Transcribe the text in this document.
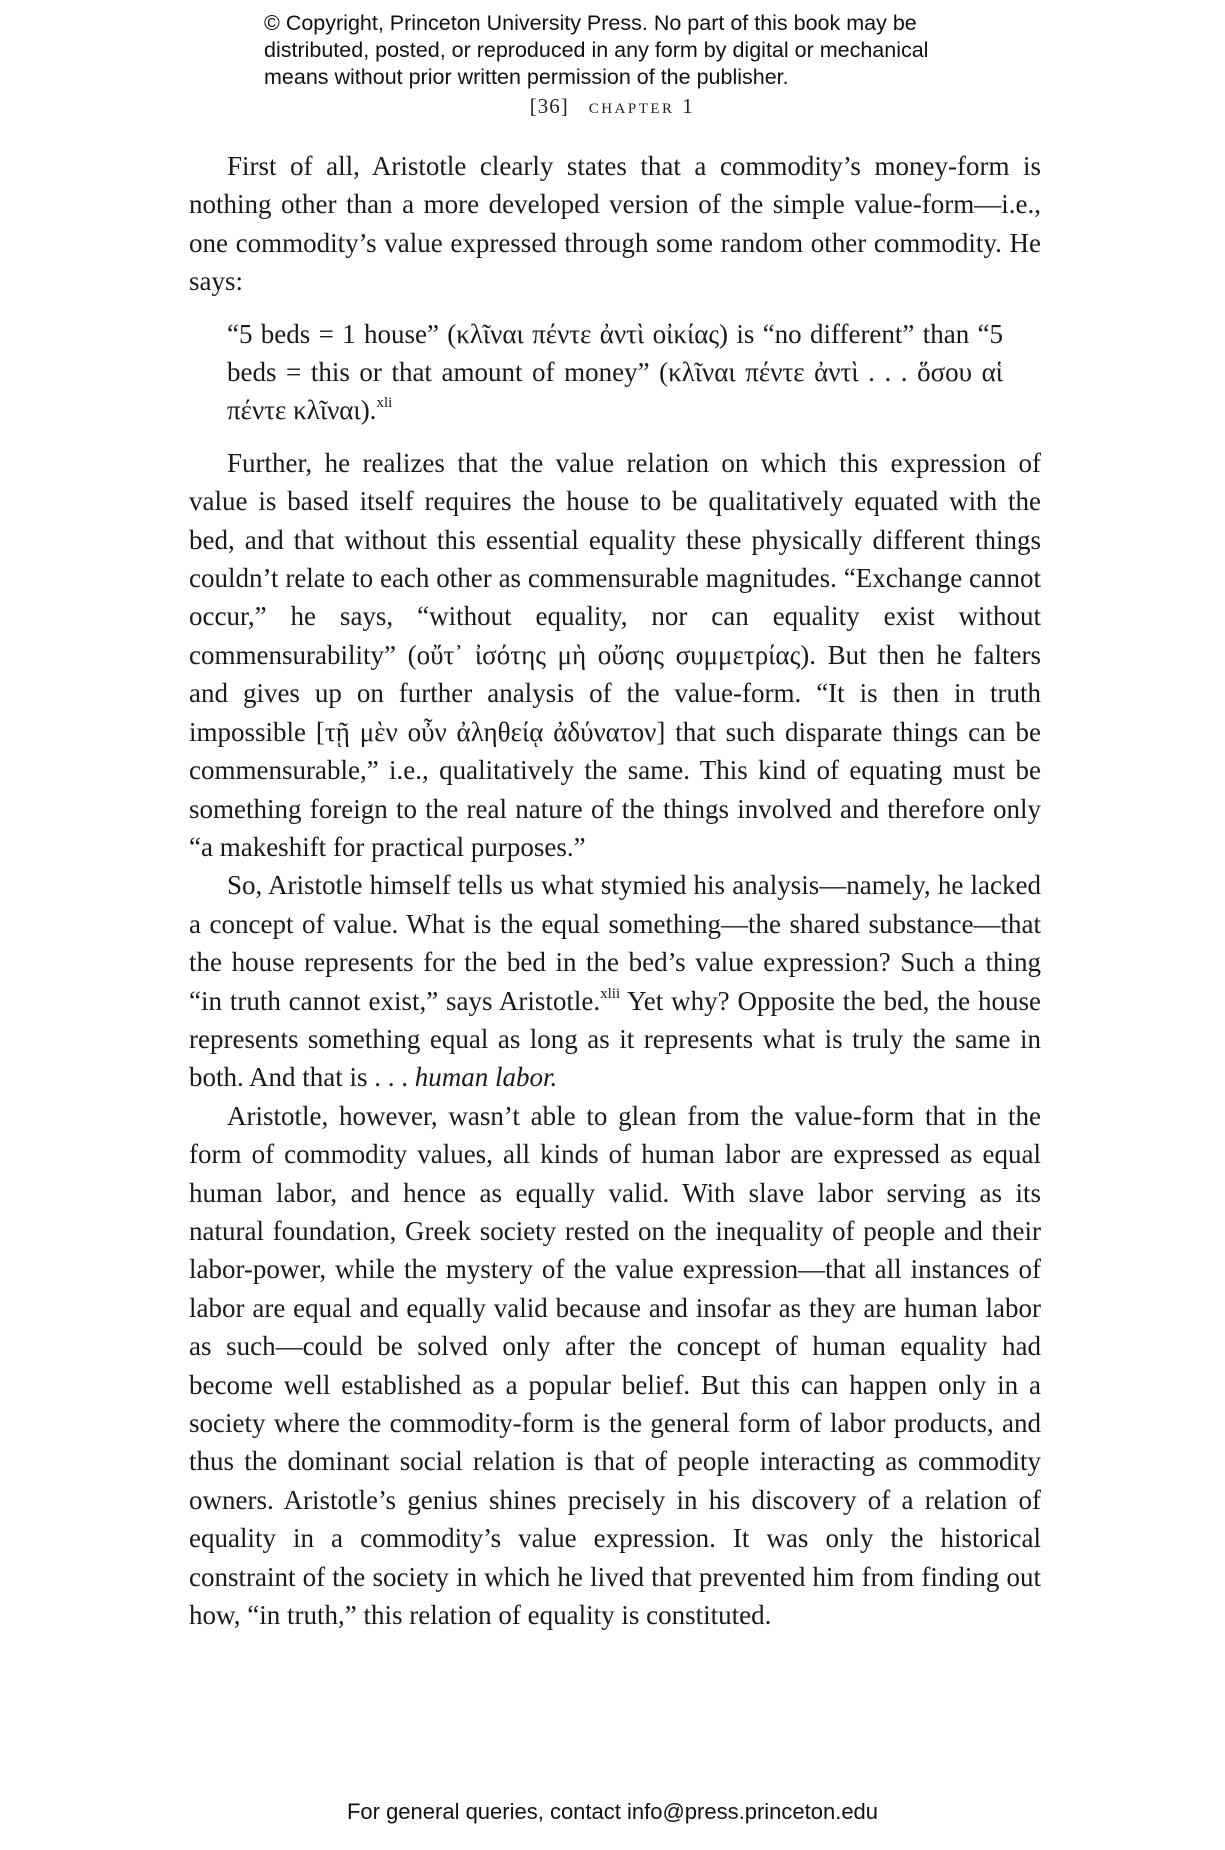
© Copyright, Princeton University Press. No part of this book may be
distributed, posted, or reproduced in any form by digital or mechanical
means without prior written permission of the publisher.
[36] chapter 1

First of all, Aristotle clearly states that a commodity’s money-form is nothing other than a more developed version of the simple value-form—i.e., one commodity’s value expressed through some random other commodity. He says:

“5 beds = 1 house” (κλῖναι πέντε ἀντὶ οἰκίας) is “no different” than “5 beds = this or that amount of money” (κλῖναι πέντε ἀντὶ . . . ὅσου αἱ πέντε κλῖναι).$^{xli}$

Further, he realizes that the value relation on which this expression of value is based itself requires the house to be qualitatively equated with the bed, and that without this essential equality these physically different things couldn’t relate to each other as commensurable magnitudes. “Exchange cannot occur,” he says, “without equality, nor can equality exist without commensurability” (οὔτ᾽ ἰσότης μὴ οὔσης συμμετρίας). But then he falters and gives up on further analysis of the value-form. “It is then in truth impossible [τῇ μὲν οὖν ἀληθείᾳ ἀδύνατον] that such disparate things can be commensurable,” i.e., qualitatively the same. This kind of equating must be something foreign to the real nature of the things involved and therefore only “a makeshift for practical purposes.”

So, Aristotle himself tells us what stymied his analysis—namely, he lacked a concept of value. What is the equal something—the shared substance—that the house represents for the bed in the bed’s value expression? Such a thing “in truth cannot exist,” says Aristotle.$^{xlii}$ Yet why? Opposite the bed, the house represents something equal as long as it represents what is truly the same in both. And that is . . . human labor.

Aristotle, however, wasn’t able to glean from the value-form that in the form of commodity values, all kinds of human labor are expressed as equal human labor, and hence as equally valid. With slave labor serving as its natural foundation, Greek society rested on the inequality of people and their labor-power, while the mystery of the value expression—that all instances of labor are equal and equally valid because and insofar as they are human labor as such—could be solved only after the concept of human equality had become well established as a popular belief. But this can happen only in a society where the commodity-form is the general form of labor products, and thus the dominant social relation is that of people interacting as commodity owners. Aristotle’s genius shines precisely in his discovery of a relation of equality in a commodity’s value expression. It was only the historical constraint of the society in which he lived that prevented him from finding out how, “in truth,” this relation of equality is constituted.

For general queries, contact info@press.princeton.edu
